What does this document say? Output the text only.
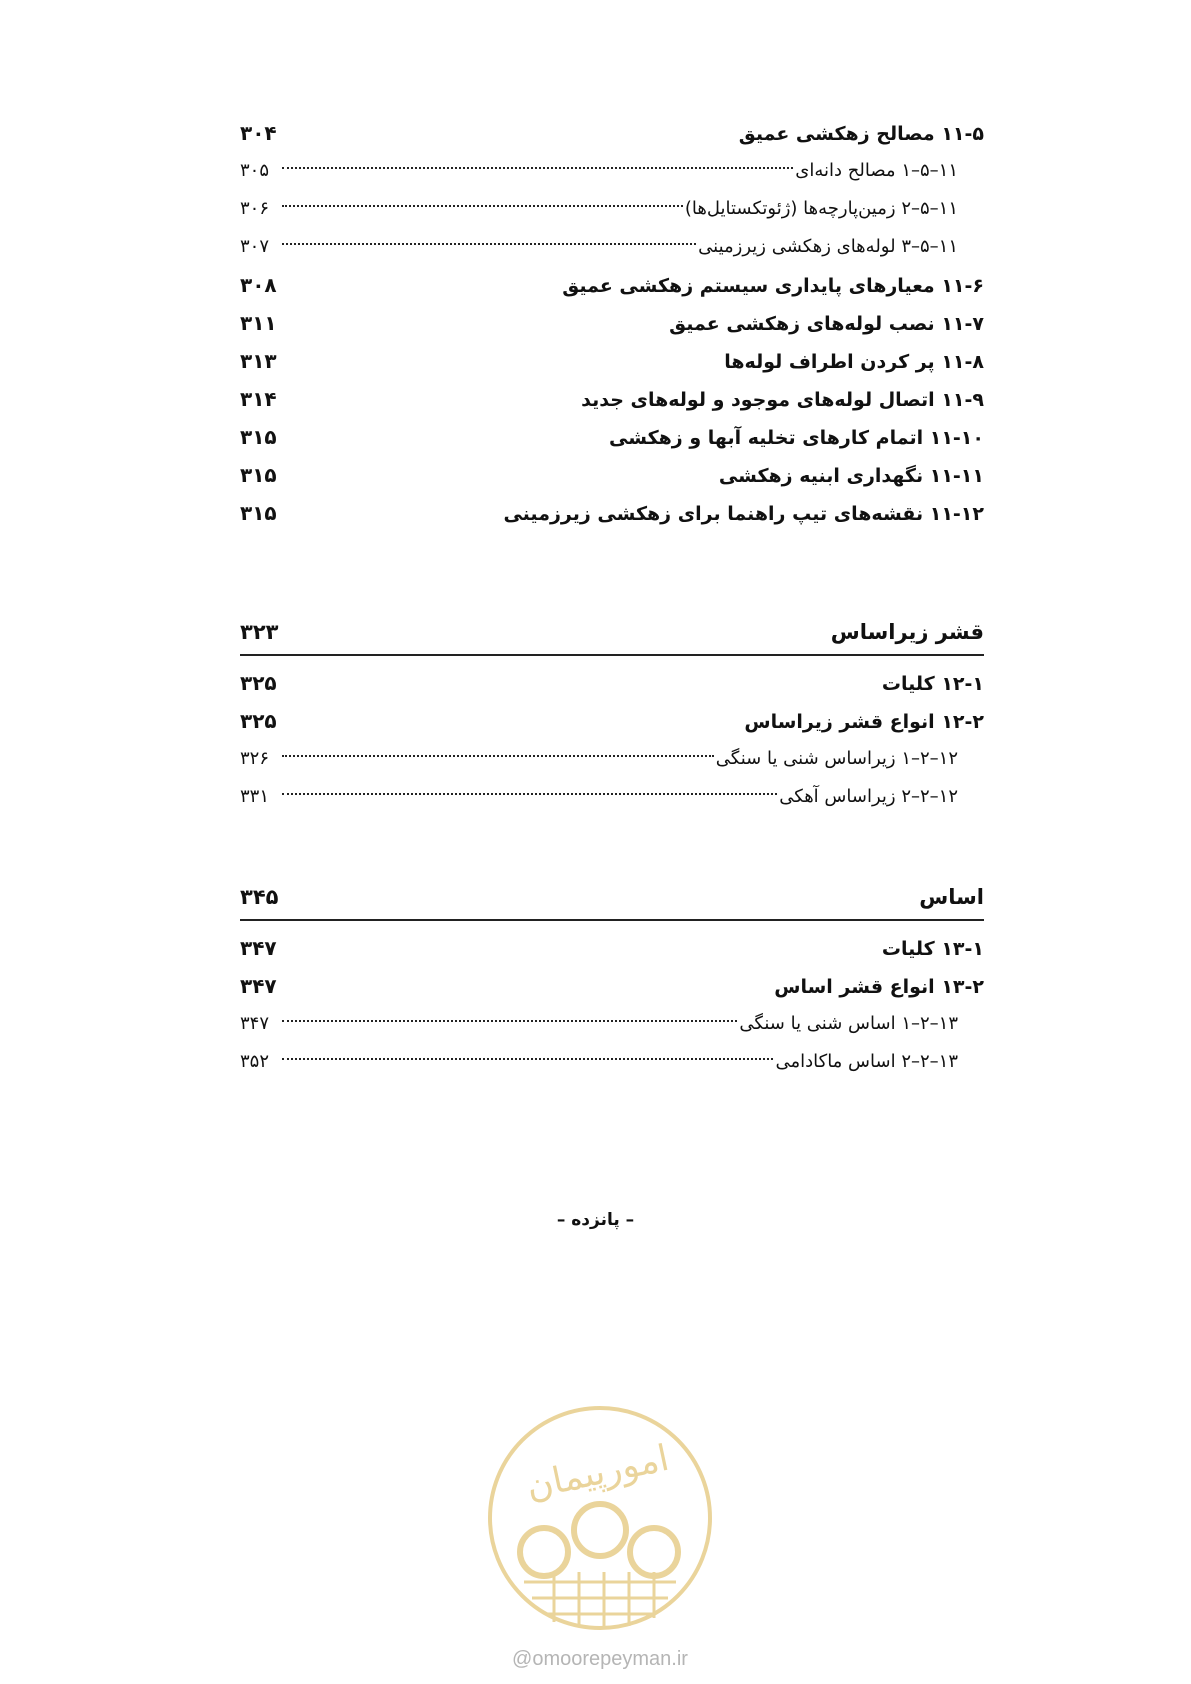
۱۱-۵ مصالح زهکشی عمیق
۳۰۴
۱۱–۵–۱ مصالح دانه‌ای
۳۰۵
۱۱–۵–۲ زمین‌پارچه‌ها (ژئوتکستایل‌ها)
۳۰۶
۱۱–۵–۳ لوله‌های زهکشی زیرزمینی
۳۰۷
۱۱-۶ معیارهای پایداری سیستم زهکشی عمیق
۳۰۸
۱۱-۷ نصب لوله‌های زهکشی عمیق
۳۱۱
۱۱-۸ پر کردن اطراف لوله‌ها
۳۱۳
۱۱-۹ اتصال لوله‌های موجود و لوله‌های جدید
۳۱۴
۱۱-۱۰ اتمام کارهای تخلیه آبها و زهکشی
۳۱۵
۱۱-۱۱ نگهداری ابنیه زهکشی
۳۱۵
۱۱-۱۲ نقشه‌های تیپ راهنما برای زهکشی زیرزمینی
۳۱۵
قشر زیراساس
۳۲۳
۱۲-۱ کلیات
۳۲۵
۱۲-۲ انواع قشر زیراساس
۳۲۵
۱۲–۲–۱ زیراساس شنی یا سنگی
۳۲۶
۱۲–۲–۲ زیراساس آهکی
۳۳۱
اساس
۳۴۵
۱۳-۱ کلیات
۳۴۷
۱۳-۲ انواع قشر اساس
۳۴۷
۱۳–۲–۱ اساس شنی یا سنگی
۳۴۷
۱۳–۲–۲ اساس ماکادامی
۳۵۲
– پانزده –
امورپیمان
@omoorepeyman.ir
